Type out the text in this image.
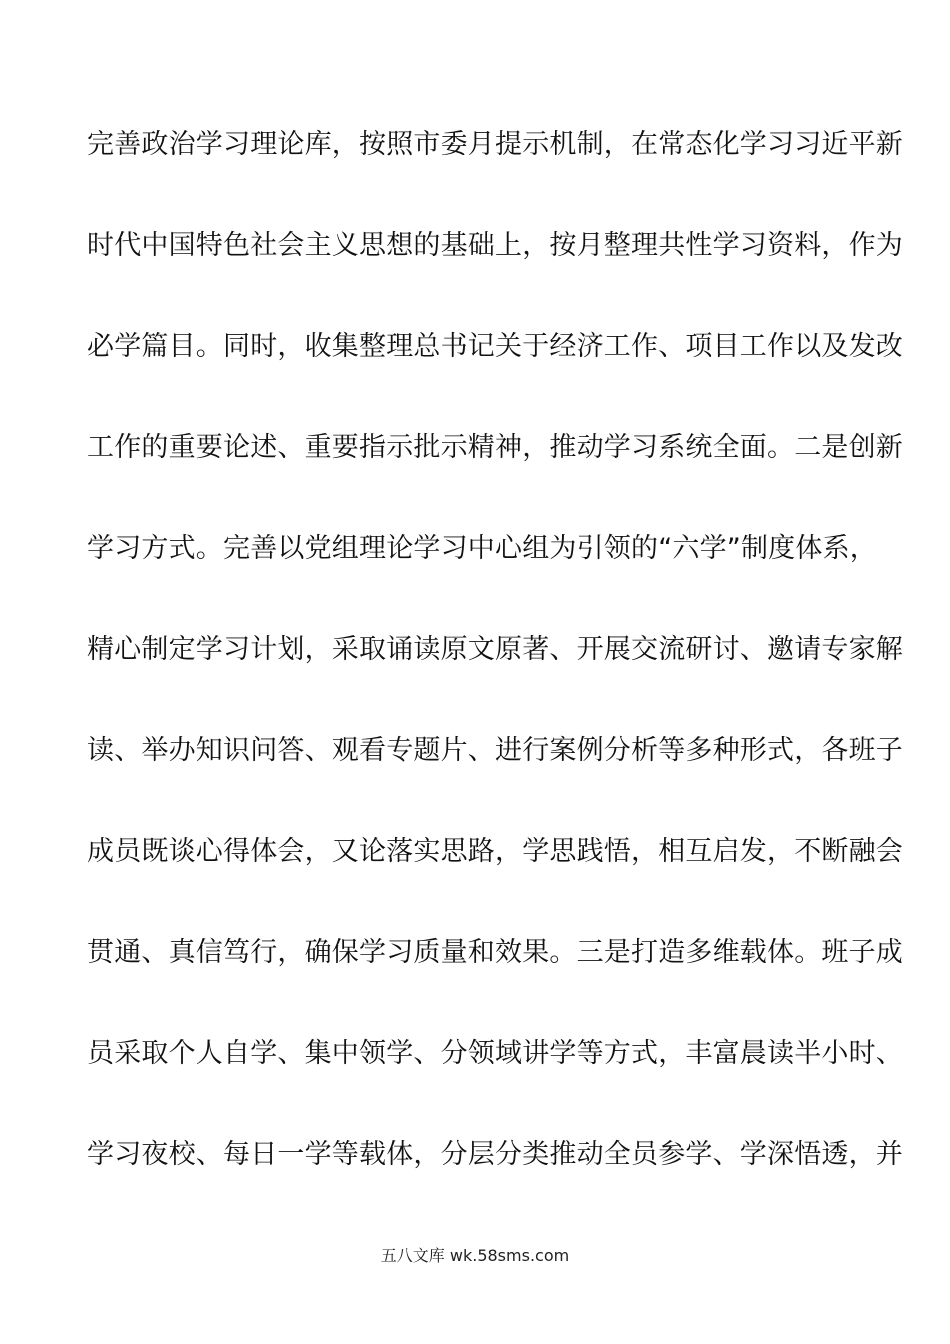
完善政治学习理论库，按照市委月提示机制，在常态化学习习近平新
时代中国特色社会主义思想的基础上，按月整理共性学习资料，作为
必学篇目。同时，收集整理总书记关于经济工作、项目工作以及发改
工作的重要论述、重要指示批示精神，推动学习系统全面。二是创新
学习方式。完善以党组理论学习中心组为引领的“六学”制度体系，
精心制定学习计划，采取诵读原文原著、开展交流研讨、邀请专家解
读、举办知识问答、观看专题片、进行案例分析等多种形式，各班子
成员既谈心得体会，又论落实思路，学思践悟，相互启发，不断融会
贯通、真信笃行，确保学习质量和效果。三是打造多维载体。班子成
员采取个人自学、集中领学、分领域讲学等方式，丰富晨读半小时、
学习夜校、每日一学等载体，分层分类推动全员参学、学深悟透，并
五八文库 wk.58sms.com
